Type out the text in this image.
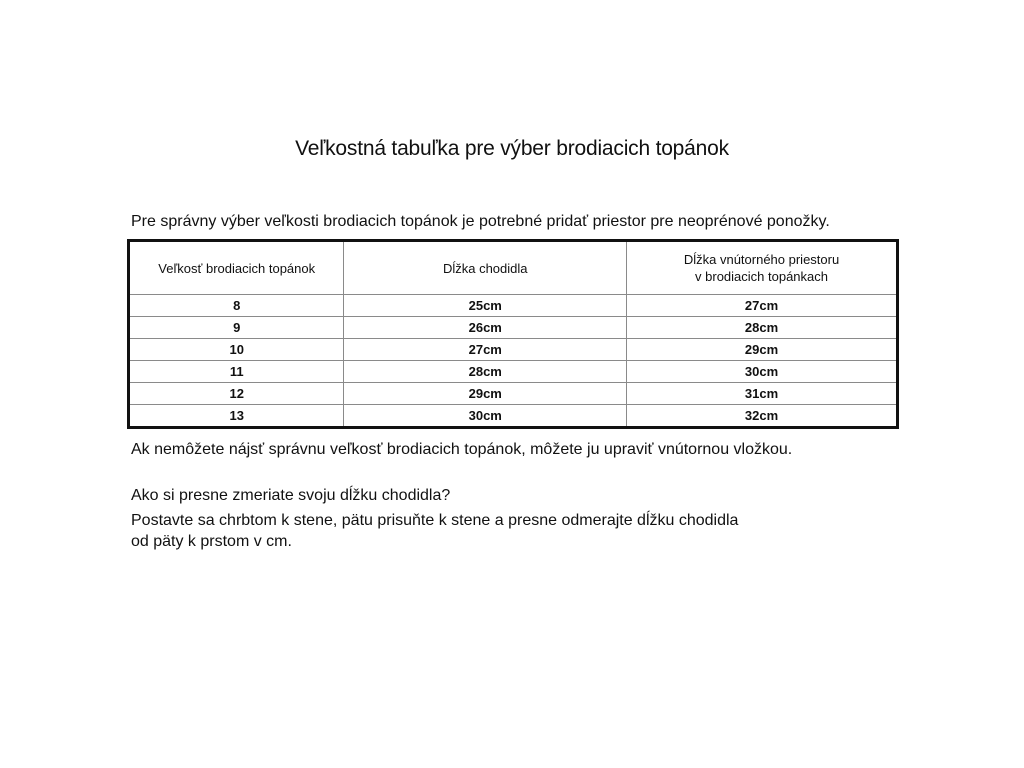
Veľkostná tabuľka pre výber brodiacich topánok
Pre správny výber veľkosti brodiacich topánok je potrebné pridať priestor pre neoprénové ponožky.
Veľkosť brodiacich topánok	Dĺžka chodidla	Dĺžka vnútorného priestoru
v brodiacich topánkach
8	25cm	27cm
9	26cm	28cm
10	27cm	29cm
11	28cm	30cm
12	29cm	31cm
13	30cm	32cm
Ak nemôžete nájsť správnu veľkosť brodiacich topánok, môžete ju upraviť vnútornou vložkou.
Ako si presne zmeriate svoju dĺžku chodidla?
Postavte sa chrbtom k stene, pätu prisuňte k stene a presne odmerajte dĺžku chodidla
od päty k prstom v cm.
